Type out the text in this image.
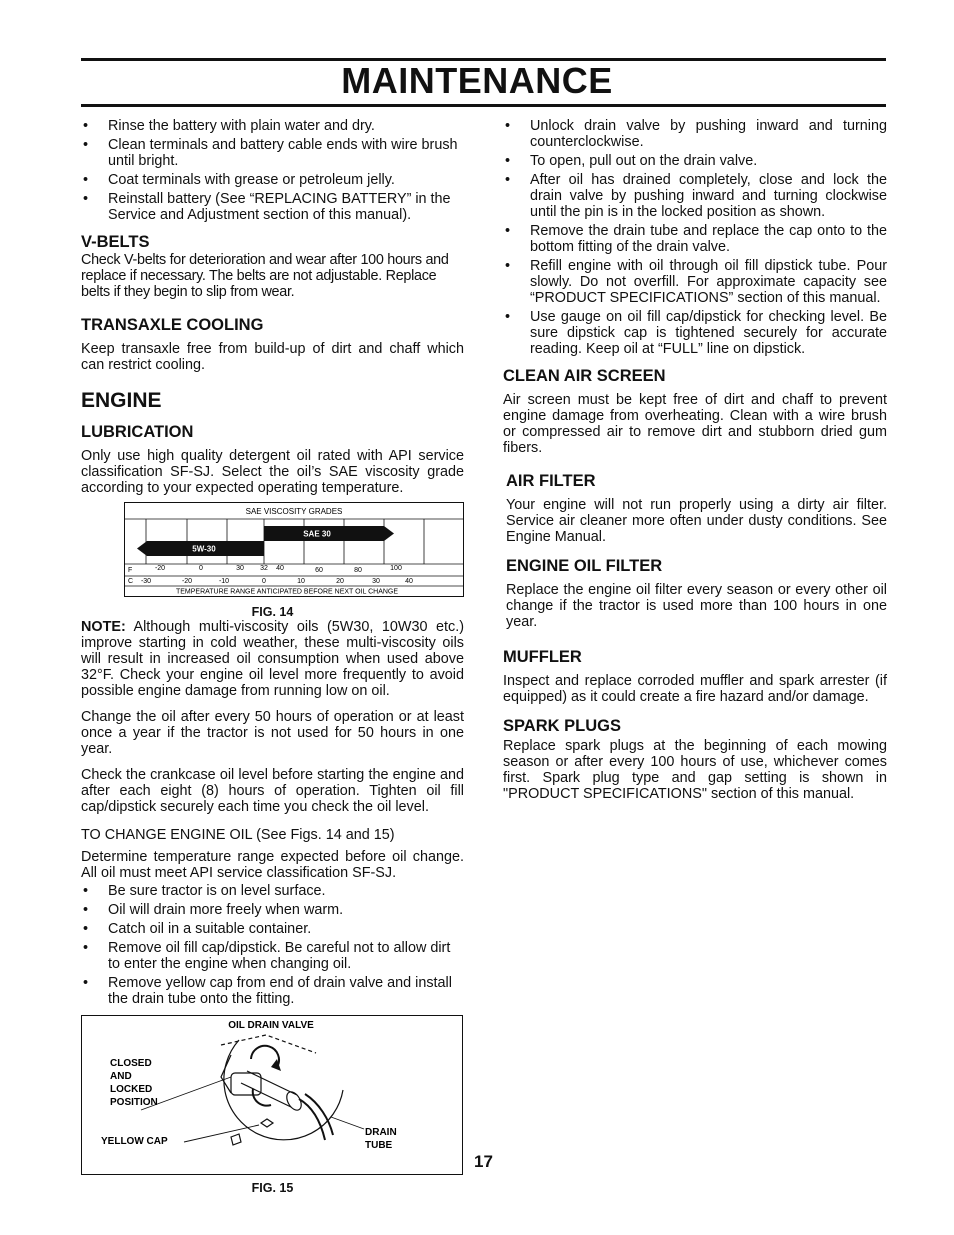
MAINTENANCE
• Rinse the battery with plain water and dry.
• Clean terminals and battery cable ends with wire brush until bright.
• Coat terminals with grease or petroleum jelly.
• Reinstall battery (See “REPLACING BATTERY” in the Service and Adjustment section of this manual).
V-BELTS

Check V-belts for deterioration and wear after 100 hours and replace if necessary. The belts are not adjustable. Replace belts if they begin to slip from wear.

TRANSAXLE COOLING

Keep transaxle free from build-up of dirt and chaff which can restrict cooling.

ENGINE
LUBRICATION

Only use high quality detergent oil rated with API service classification SF-SJ. Select the oil’s SAE viscosity grade according to your expected operating temperature.

SAE VISCOSITY GRADES
SAE 30
5W-30
F
C
-20	0	30 32 40	60	80	100
-30	-20	-10	0	10	20	30	40
TEMPERATURE RANGE ANTICIPATED BEFORE NEXT OIL CHANGE
FIG. 14

NOTE: Although multi-viscosity oils (5W30, 10W30 etc.) improve starting in cold weather, these multi-viscosity oils will result in increased oil consumption when used above 32°F. Check your engine oil level more frequently to avoid possible engine damage from running low on oil.

Change the oil after every 50 hours of operation or at least once a year if the tractor is not used for 50 hours in one year.

Check the crankcase oil level before starting the engine and after each eight (8) hours of operation. Tighten oil fill cap/dipstick securely each time you check the oil level.

TO CHANGE ENGINE OIL (See Figs. 14 and 15)

Determine temperature range expected before oil change. All oil must meet API service classification SF-SJ.

• Be sure tractor is on level surface.
• Oil will drain more freely when warm.
• Catch oil in a suitable container.
• Remove oil fill cap/dipstick. Be careful not to allow dirt to enter the engine when changing oil.
• Remove yellow cap from end of drain valve and install the drain tube onto the fitting.
OIL DRAIN VALVE
CLOSED
AND
LOCKED
POSITION
YELLOW CAP
DRAIN
TUBE
FIG. 15
• Unlock drain valve by pushing inward and turning counterclockwise.
• To open, pull out on the drain valve.
• After oil has drained completely, close and lock the drain valve by pushing inward and turning clockwise until the pin is in the locked position as shown.
• Remove the drain tube and replace the cap onto to the bottom fitting of the drain valve.
• Refill engine with oil through oil fill dipstick tube. Pour slowly. Do not overfill. For approximate capacity see “PRODUCT SPECIFICATIONS” section of this manual.
• Use gauge on oil fill cap/dipstick for checking level. Be sure dipstick cap is tightened securely for accurate reading. Keep oil at “FULL” line on dipstick.
CLEAN AIR SCREEN

Air screen must be kept free of dirt and chaff to prevent engine damage from overheating. Clean with a wire brush or compressed air to remove dirt and stubborn dried gum fibers.

AIR FILTER

Your engine will not run properly using a dirty air filter. Service air cleaner more often under dusty conditions. See Engine Manual.

ENGINE OIL FILTER

Replace the engine oil filter every season or every other oil change if the tractor is used more than 100 hours in one year.

MUFFLER

Inspect and replace corroded muffler and spark arrester (if equipped) as it could create a fire hazard and/or damage.

SPARK PLUGS

Replace spark plugs at the beginning of each mowing season or after every 100 hours of use, whichever comes first. Spark plug type and gap setting is shown in "PRODUCT SPECIFICATIONS" section of this manual.

17
